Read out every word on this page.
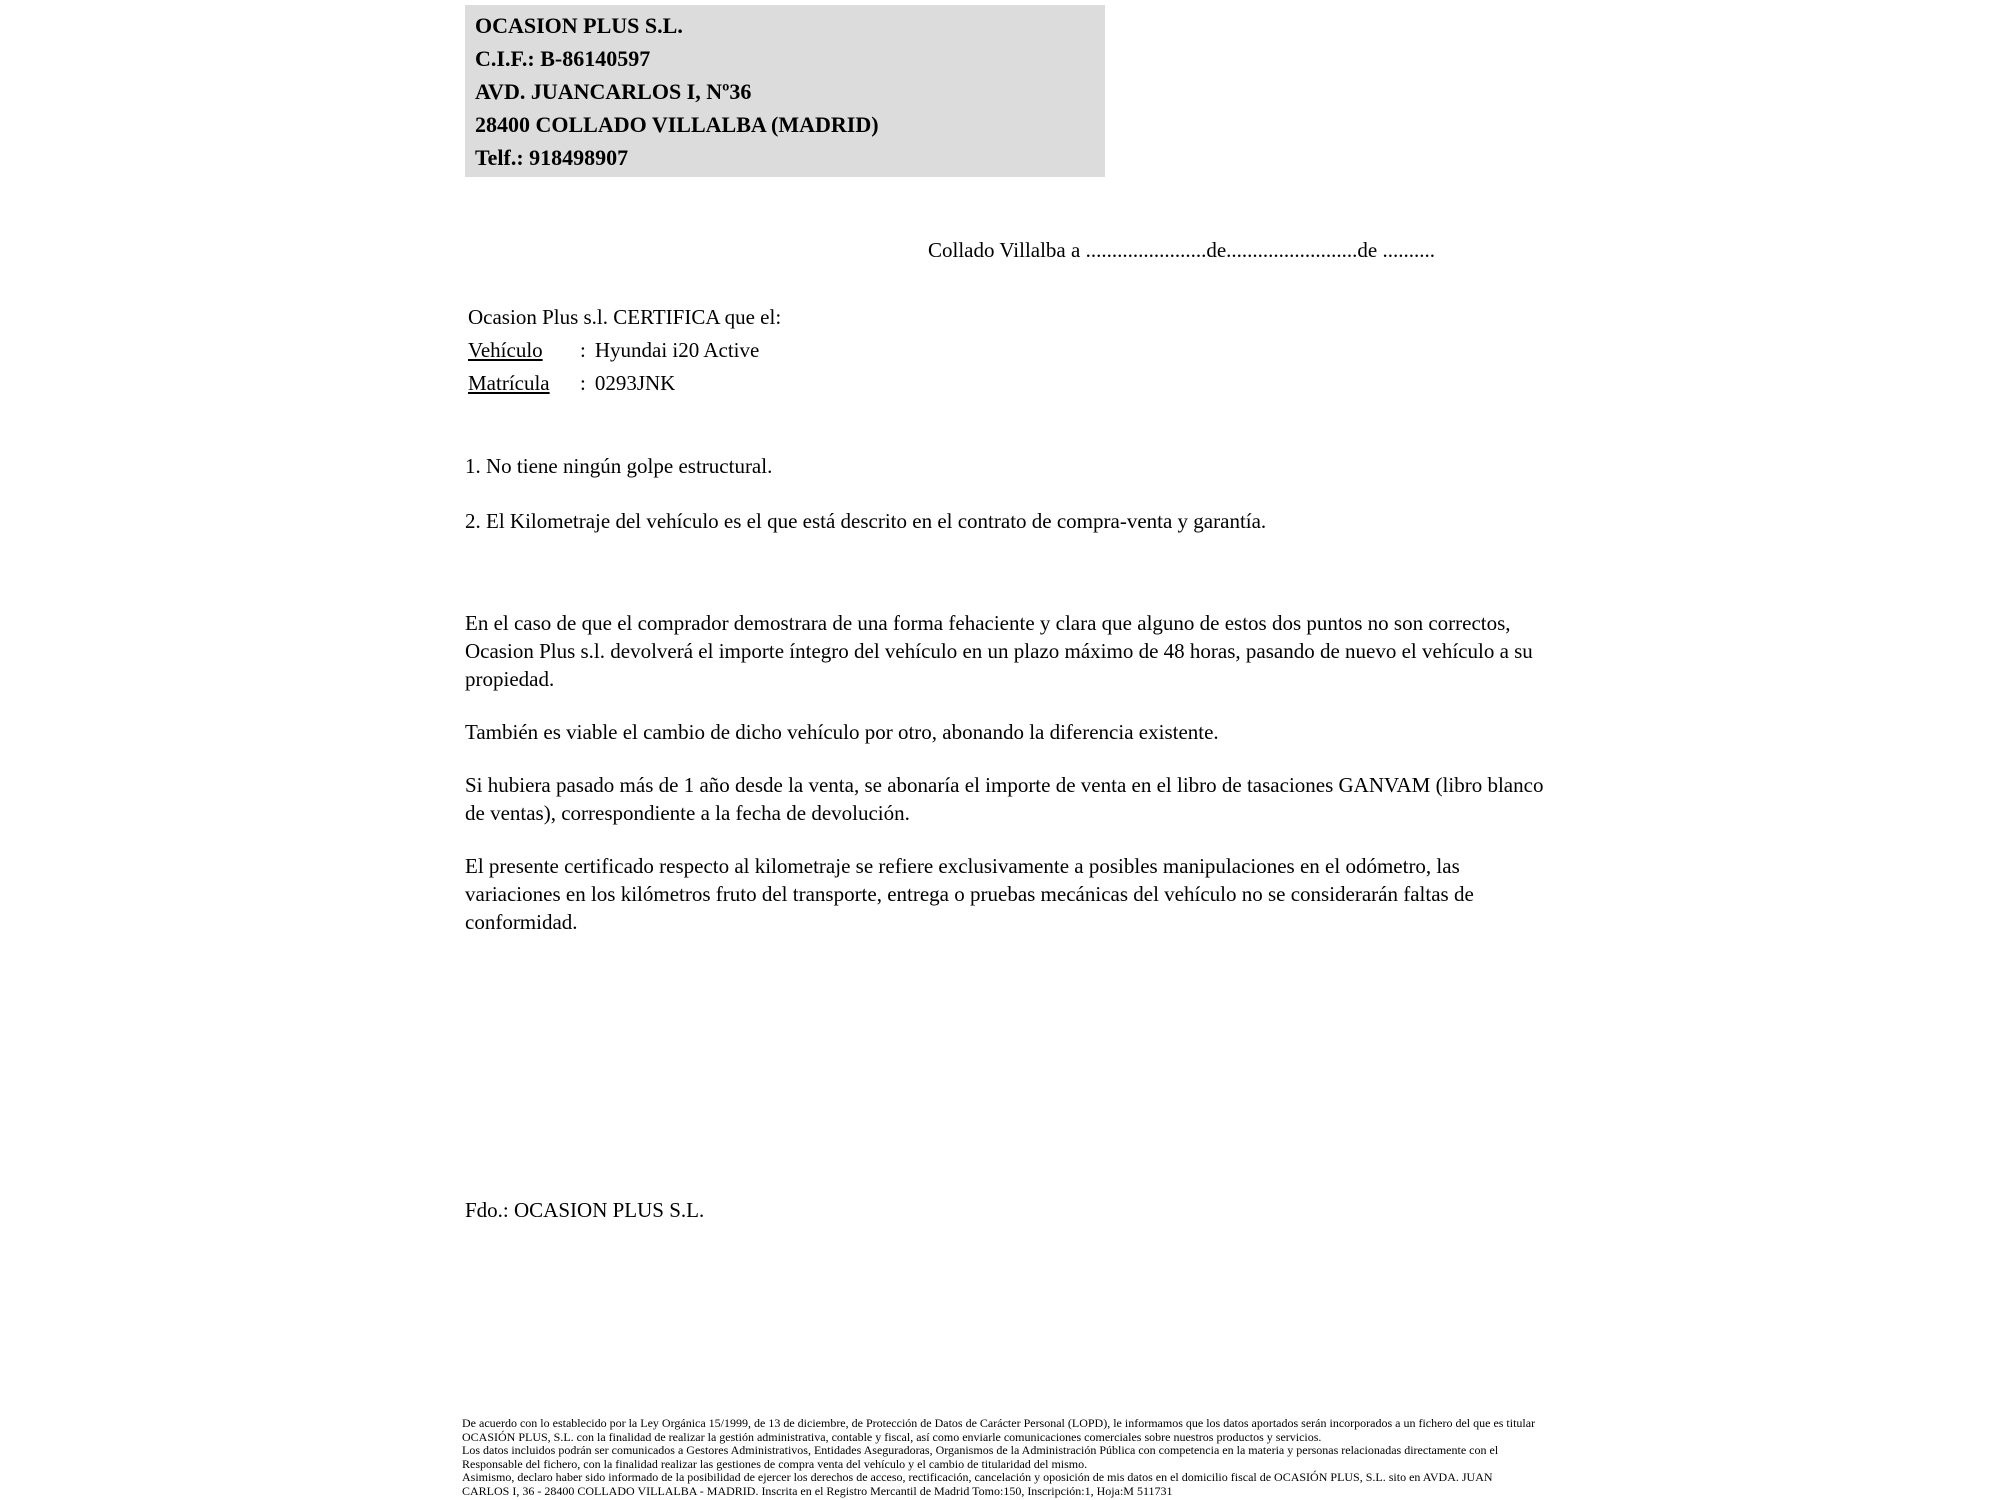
OCASION PLUS S.L.
C.I.F.: B-86140597
AVD. JUANCARLOS I, Nº36
28400 COLLADO VILLALBA (MADRID)
Telf.: 918498907
Collado Villalba a .......................de.........................de ..........
Ocasion Plus s.l. CERTIFICA que el:
Vehículo : Hyundai i20 Active
Matrícula : 0293JNK
1. No tiene ningún golpe estructural.
2. El Kilometraje del vehículo es el que está descrito en el contrato de compra-venta y garantía.

En el caso de que el comprador demostrara de una forma fehaciente y clara que alguno de estos dos puntos no son correctos, Ocasion Plus s.l. devolverá el importe íntegro del vehículo en un plazo máximo de 48 horas, pasando de nuevo el vehículo a su propiedad.

También es viable el cambio de dicho vehículo por otro, abonando la diferencia existente.

Si hubiera pasado más de 1 año desde la venta, se abonaría el importe de venta en el libro de tasaciones GANVAM (libro blanco de ventas), correspondiente a la fecha de devolución.

El presente certificado respecto al kilometraje se refiere exclusivamente a posibles manipulaciones en el odómetro, las variaciones en los kilómetros fruto del transporte, entrega o pruebas mecánicas del vehículo no se considerarán faltas de conformidad.

Fdo.: OCASION PLUS S.L.
De acuerdo con lo establecido por la Ley Orgánica 15/1999, de 13 de diciembre, de Protección de Datos de Carácter Personal (LOPD), le informamos que los datos aportados serán incorporados a un fichero del que es titular
OCASIÓN PLUS, S.L. con la finalidad de realizar la gestión administrativa, contable y fiscal, así como enviarle comunicaciones comerciales sobre nuestros productos y servicios.
Los datos incluidos podrán ser comunicados a Gestores Administrativos, Entidades Aseguradoras, Organismos de la Administración Pública con competencia en la materia y personas relacionadas directamente con el
Responsable del fichero, con la finalidad realizar las gestiones de compra venta del vehículo y el cambio de titularidad del mismo.
Asimismo, declaro haber sido informado de la posibilidad de ejercer los derechos de acceso, rectificación, cancelación y oposición de mis datos en el domicilio fiscal de OCASIÓN PLUS, S.L. sito en AVDA. JUAN
CARLOS I, 36 - 28400 COLLADO VILLALBA - MADRID. Inscrita en el Registro Mercantil de Madrid Tomo:150, Inscripción:1, Hoja:M 511731
